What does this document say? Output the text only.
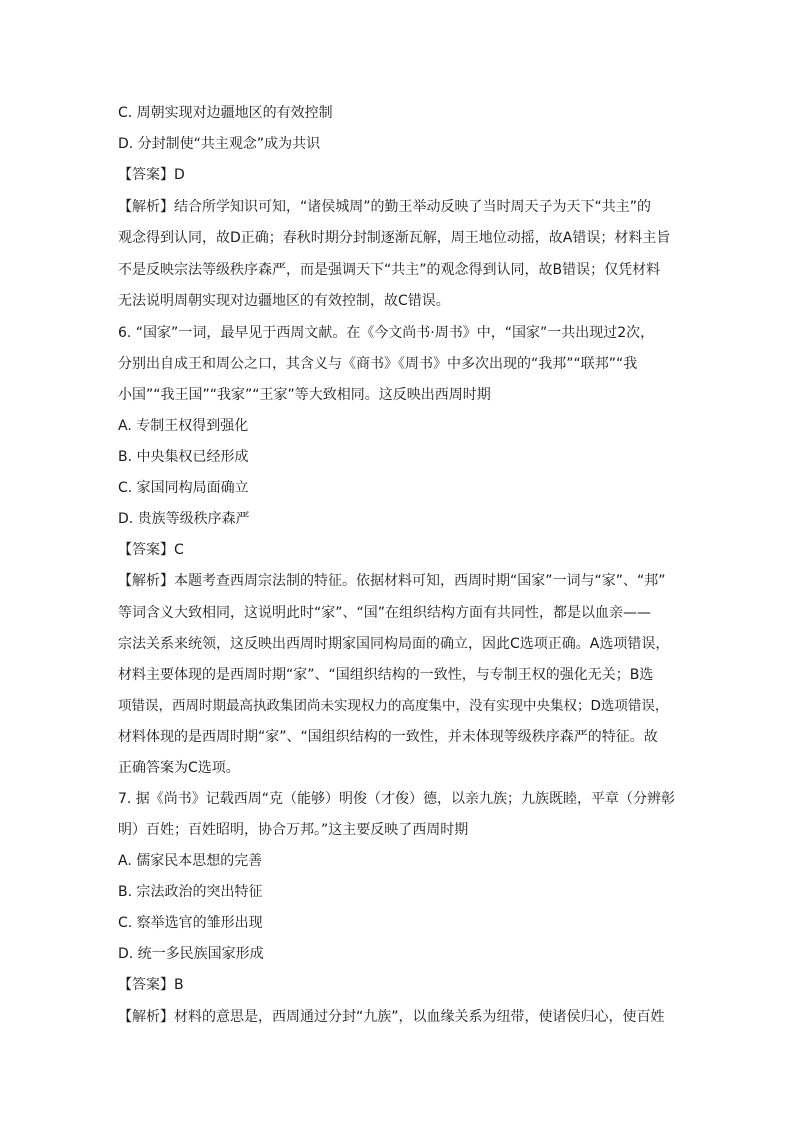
C. 周朝实现对边疆地区的有效控制
D. 分封制使“共主观念”成为共识
【答案】D
【解析】结合所学知识可知，“诸侯城周”的勤王举动反映了当时周天子为天下“共主”的
观念得到认同，故D正确；春秋时期分封制逐渐瓦解，周王地位动摇，故A错误；材料主旨
不是反映宗法等级秩序森严，而是强调天下“共主”的观念得到认同，故B错误；仅凭材料
无法说明周朝实现对边疆地区的有效控制，故C错误。
6. “国家”一词，最早见于西周文献。在《今文尚书·周书》中，“国家”一共出现过2次，
分别出自成王和周公之口，其含义与《商书》《周书》中多次出现的“我邦”“联邦”“我
小国”“我王国”“我家”“王家”等大致相同。这反映出西周时期
A. 专制王权得到强化
B. 中央集权已经形成
C. 家国同构局面确立
D. 贵族等级秩序森严
【答案】C
【解析】本题考查西周宗法制的特征。依据材料可知，西周时期“国家”一词与“家”、“邦”
等词含义大致相同，这说明此时“家”、“国”在组织结构方面有共同性，都是以血亲——
宗法关系来统领，这反映出西周时期家国同构局面的确立，因此C选项正确。A选项错误，
材料主要体现的是西周时期“家”、“国组织结构的一致性，与专制王权的强化无关；B选
项错误，西周时期最高执政集团尚未实现权力的高度集中，没有实现中央集权；D选项错误，
材料体现的是西周时期“家”、“国组织结构的一致性，并未体现等级秩序森严的特征。故
正确答案为C选项。
7. 据《尚书》记载西周“克（能够）明俊（才俊）德，以亲九族；九族既睦，平章（分辨彰
明）百姓；百姓昭明，协合万邦。”这主要反映了西周时期
A. 儒家民本思想的完善
B. 宗法政治的突出特征
C. 察举选官的雏形出现
D. 统一多民族国家形成
【答案】B
【解析】材料的意思是，西周通过分封“九族”，以血缘关系为纽带，使诸侯归心，使百姓
